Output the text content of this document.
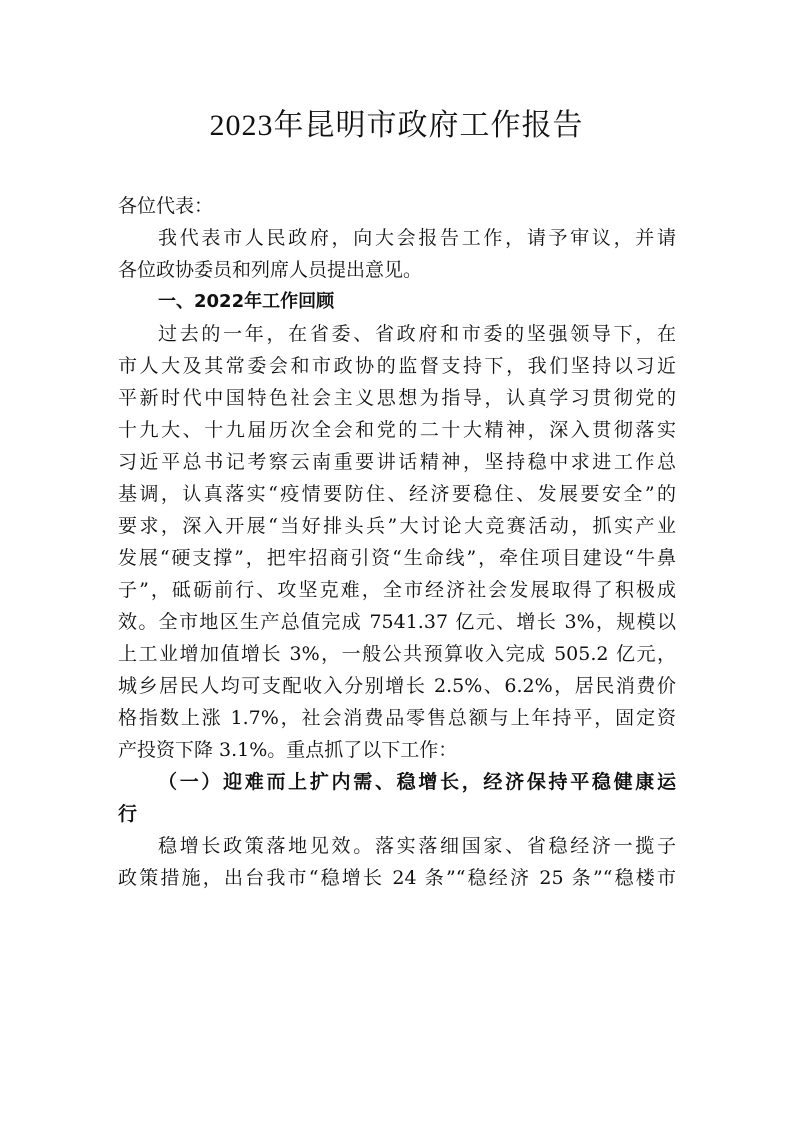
2023年昆明市政府工作报告
各位代表：
我代表市人民政府，向大会报告工作，请予审议，并请
各位政协委员和列席人员提出意见。
一、2022年工作回顾
过去的一年，在省委、省政府和市委的坚强领导下，在
市人大及其常委会和市政协的监督支持下，我们坚持以习近
平新时代中国特色社会主义思想为指导，认真学习贯彻党的
十九大、十九届历次全会和党的二十大精神，深入贯彻落实
习近平总书记考察云南重要讲话精神，坚持稳中求进工作总
基调，认真落实“疫情要防住、经济要稳住、发展要安全”的
要求，深入开展“当好排头兵”大讨论大竞赛活动，抓实产业
发展“硬支撑”，把牢招商引资“生命线”，牵住项目建设“牛鼻
子”，砥砺前行、攻坚克难，全市经济社会发展取得了积极成
效。全市地区生产总值完成 7541.37 亿元、增长 3%，规模以
上工业增加值增长 3%，一般公共预算收入完成 505.2 亿元，
城乡居民人均可支配收入分别增长 2.5%、6.2%，居民消费价
格指数上涨 1.7%，社会消费品零售总额与上年持平，固定资
产投资下降 3.1%。重点抓了以下工作：
（一）迎难而上扩内需、稳增长，经济保持平稳健康运
行
稳增长政策落地见效。落实落细国家、省稳经济一揽子
政策措施，出台我市“稳增长 24 条”“稳经济 25 条”“稳楼市
